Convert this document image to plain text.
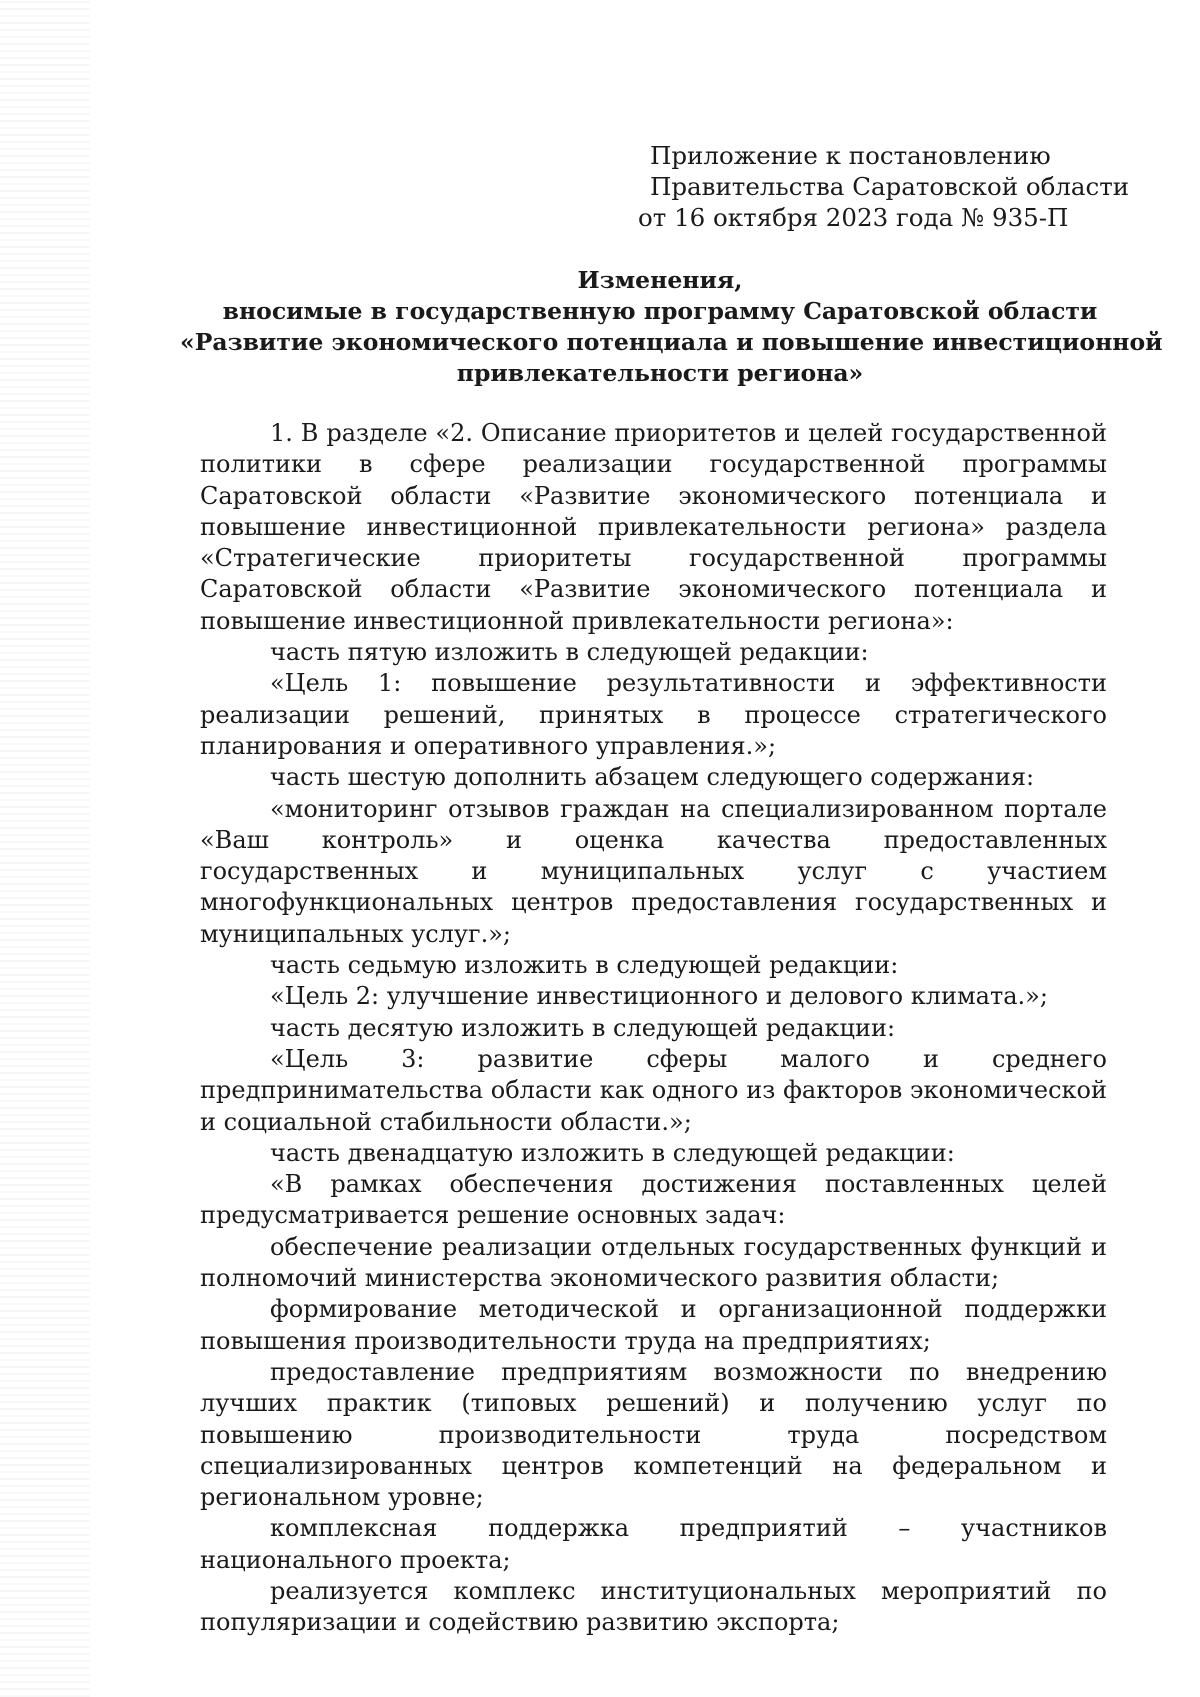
Приложение к постановлению
Правительства Саратовской области
от 16 октября 2023 года № 935-П
Изменения,
вносимые в государственную программу Саратовской области
«Развитие экономического потенциала и повышение инвестиционной
привлекательности региона»

1. В разделе «2. Описание приоритетов и целей государственной политики в сфере реализации государственной программы Саратовской области «Развитие экономического потенциала и повышение инвестиционной привлекательности региона» раздела «Стратегические приоритеты государственной программы Саратовской области «Развитие экономического потенциала и повышение инвестиционной привлекательности региона»:

часть пятую изложить в следующей редакции:

«Цель 1: повышение результативности и эффективности реализации решений, принятых в процессе стратегического планирования и оперативного управления.»;

часть шестую дополнить абзацем следующего содержания:

«мониторинг отзывов граждан на специализированном портале «Ваш контроль» и оценка качества предоставленных государственных и муниципальных услуг с участием многофункциональных центров предоставления государственных и муниципальных услуг.»;

часть седьмую изложить в следующей редакции:

«Цель 2: улучшение инвестиционного и делового климата.»;

часть десятую изложить в следующей редакции:

«Цель 3: развитие сферы малого и среднего предпринимательства области как одного из факторов экономической и социальной стабильности области.»;

часть двенадцатую изложить в следующей редакции:

«В рамках обеспечения достижения поставленных целей предусматривается решение основных задач:

обеспечение реализации отдельных государственных функций и полномочий министерства экономического развития области;

формирование методической и организационной поддержки повышения производительности труда на предприятиях;

предоставление предприятиям возможности по внедрению лучших практик (типовых решений) и получению услуг по повышению производительности труда посредством специализированных центров компетенций на федеральном и региональном уровне;

комплексная поддержка предприятий – участников национального проекта;

реализуется комплекс институциональных мероприятий по популяризации и содействию развитию экспорта;
